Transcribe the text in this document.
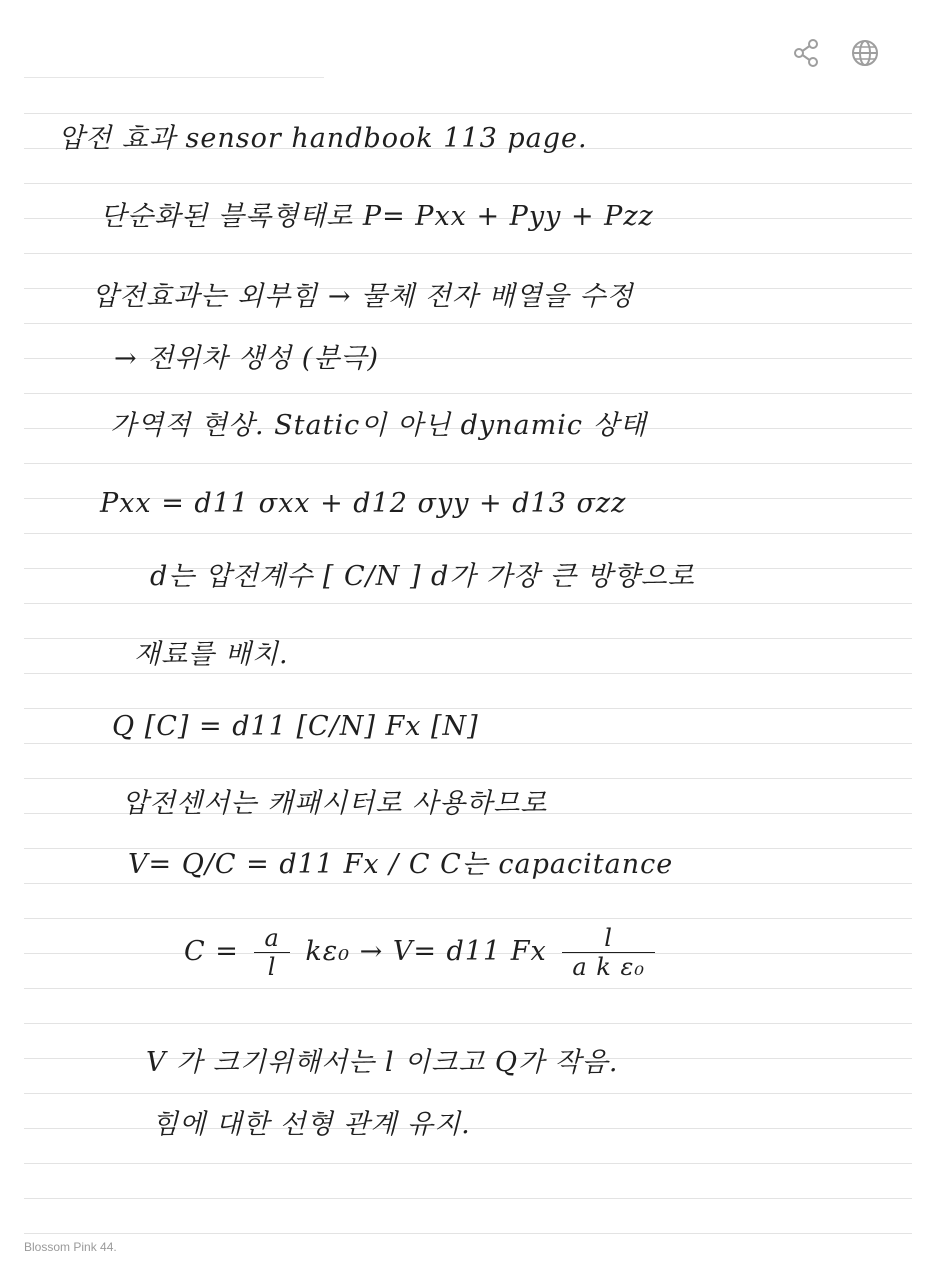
압전 효과 sensor handbook 113 page.
단순화된 블록형태로 P= Pxx + Pyy + Pzz
압전효과는 외부힘 → 물체 전자 배열을 수정
→ 전위차 생성 (분극)
가역적 현상. Static이 아닌 dynamic 상태
Pxx = d11 σxx + d12 σyy + d13 σzz
d는 압전계수 [ C/N ] d가 가장 큰 방향으로
재료를 배치.
Q [C] = d11 [C/N] Fx [N]
압전센서는 캐패시터로 사용하므로
V= Q/C = d11 Fx / C C는 capacitance
$C = \frac{a}{l} k\varepsilon_0 \to V= d11$ Fx $\frac{l}{\text{a k ε₀}}$
V 가 크기위해서는 l 이크고 Q가 작음.
힘에 대한 선형 관계 유지.
Blossom Pink 44.
